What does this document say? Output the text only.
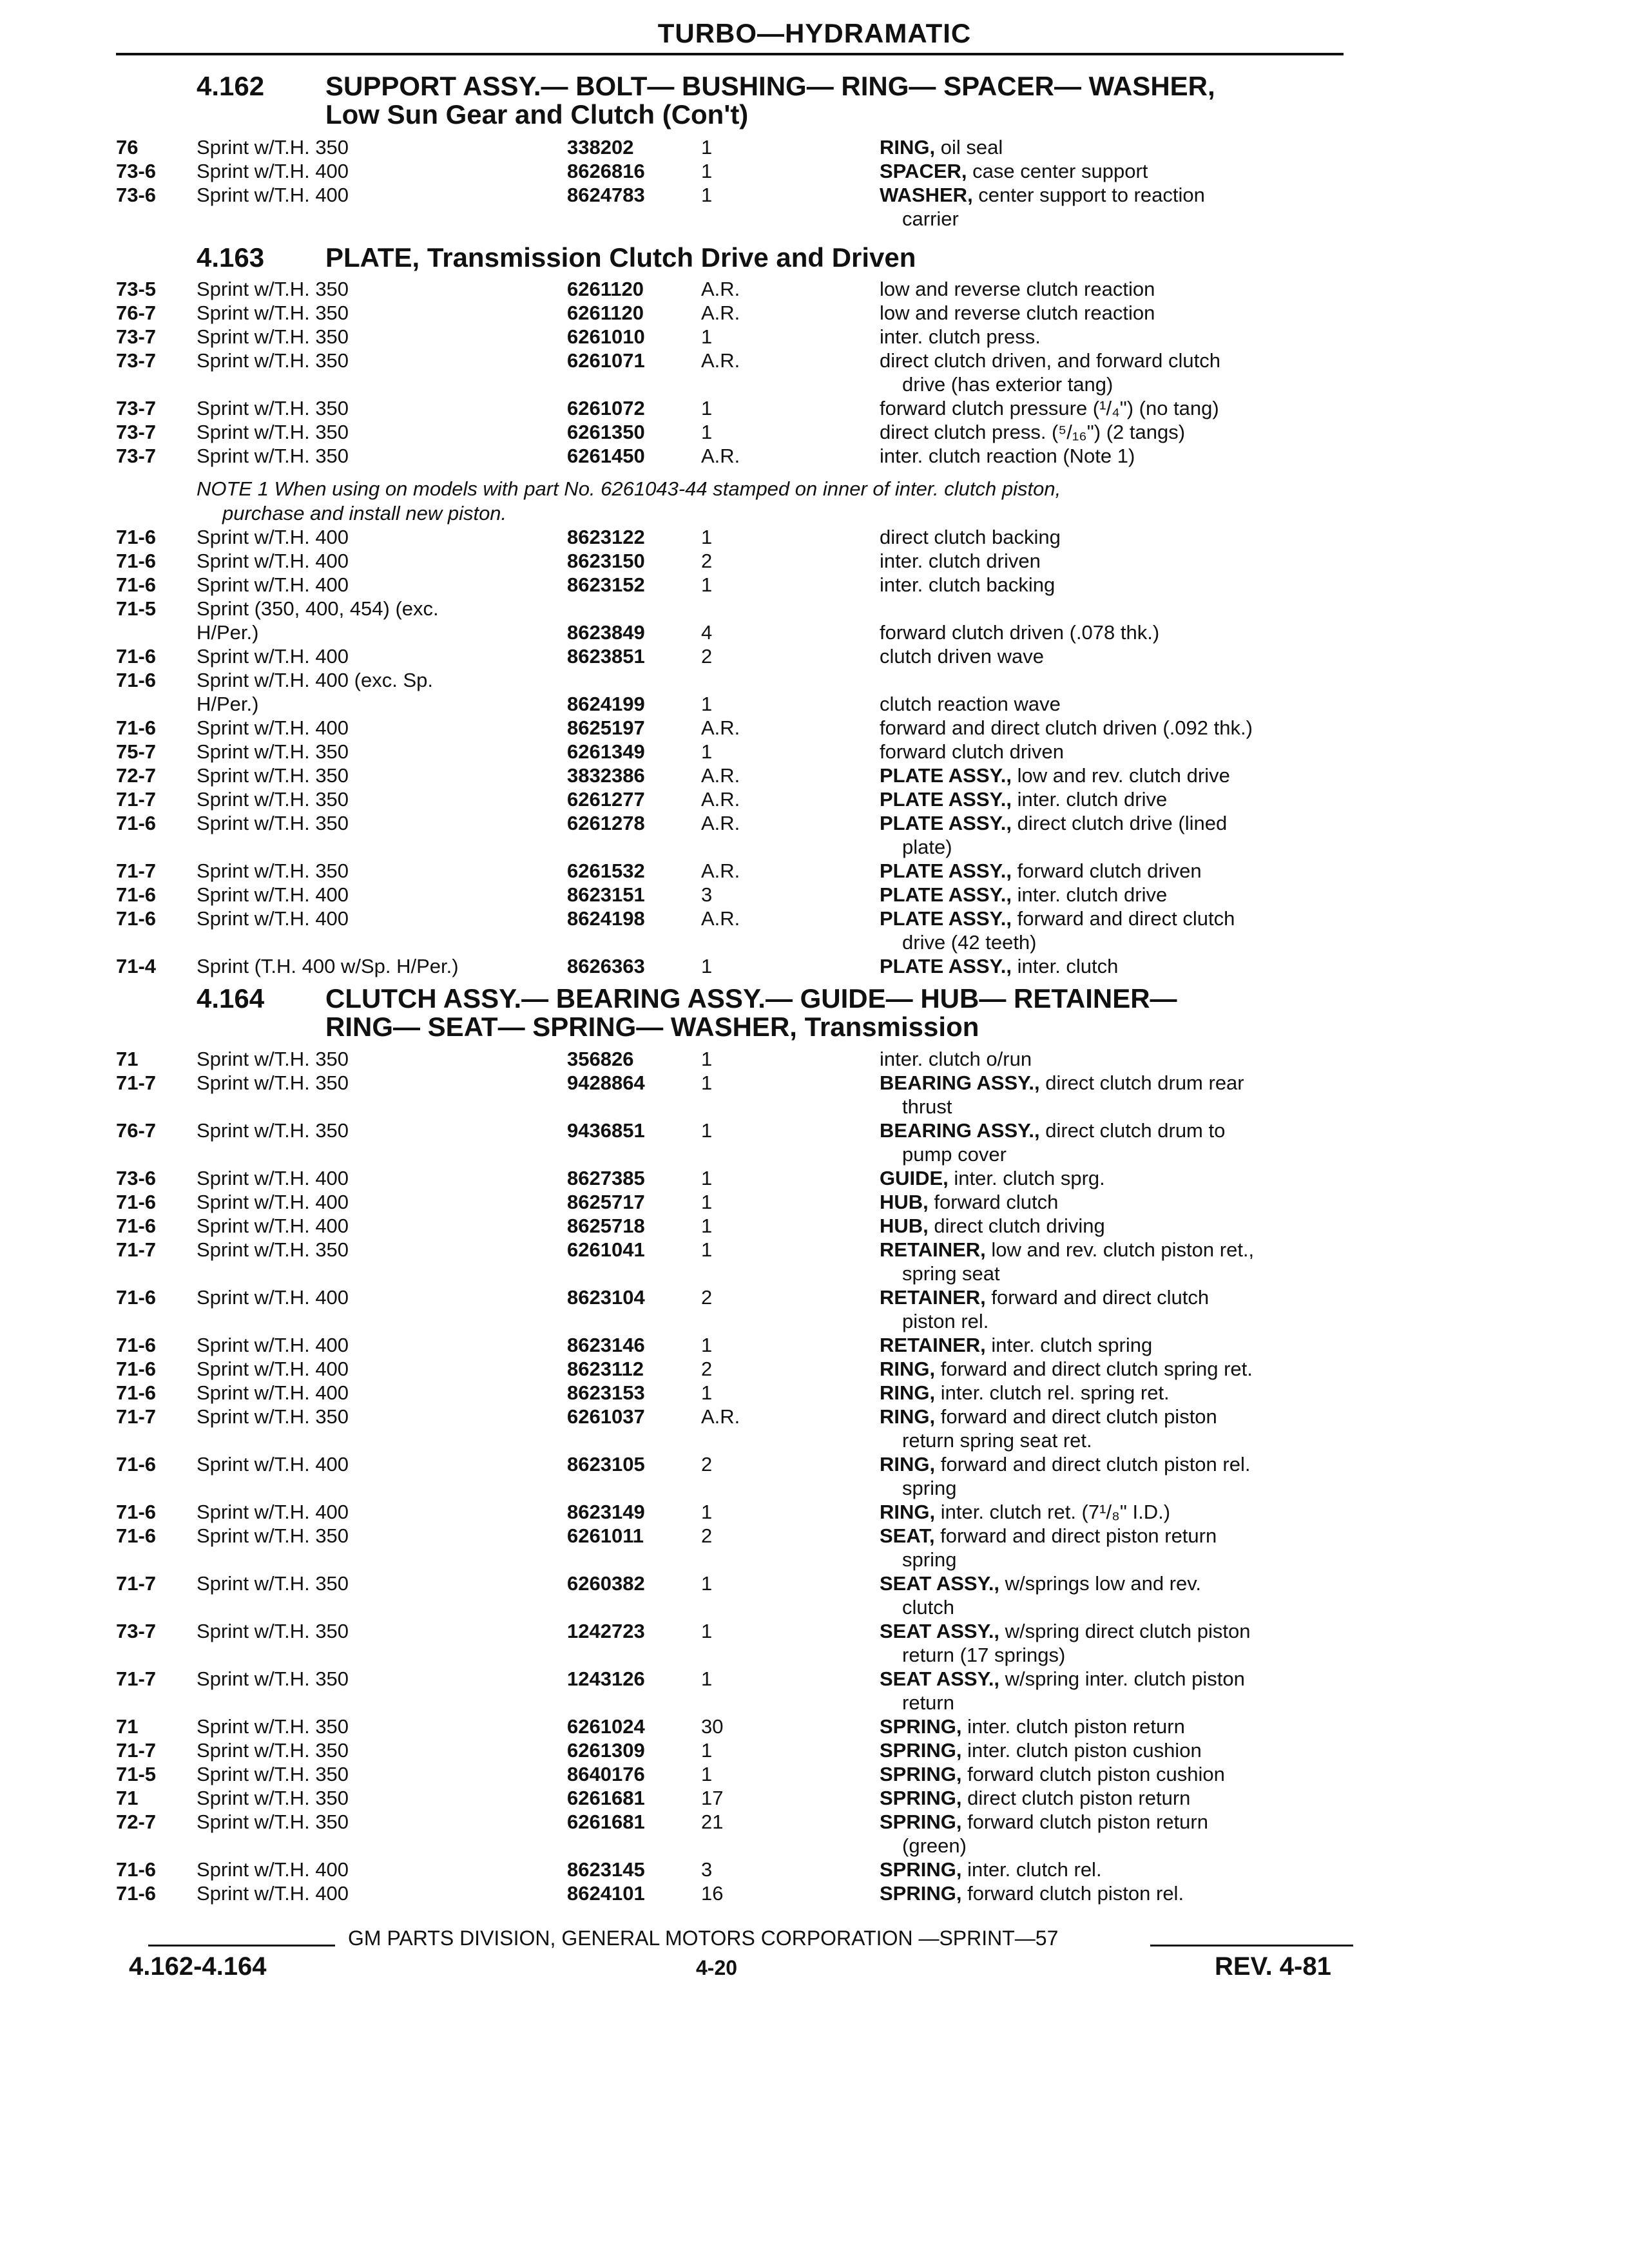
TURBO—HYDRAMATIC
4.162 SUPPORT ASSY.— BOLT— BUSHING— RING— SPACER— WASHER,
Low Sun Gear and Clutch (Con't)
4.163 PLATE, Transmission Clutch Drive and Driven
4.164 CLUTCH ASSY.— BEARING ASSY.— GUIDE— HUB— RETAINER—
RING— SEAT— SPRING— WASHER, Transmission
76	Sprint w/T.H. 350	338202	1	RING, oil seal
73-6 Sprint w/T.H. 400	8626816	1	SPACER, case center support
73-6 Sprint w/T.H. 400	8624783	1	WASHER, center support to reaction
carrier
73-5 Sprint w/T.H. 350	6261120	A.R.	low and reverse clutch reaction
76-7 Sprint w/T.H. 350	6261120	A.R.	low and reverse clutch reaction
73-7 Sprint w/T.H. 350	6261010	1	inter. clutch press.
73-7 Sprint w/T.H. 350	6261071	A.R.	direct clutch driven, and forward clutch
drive (has exterior tang)
73-7 Sprint w/T.H. 350	6261072	1	forward clutch pressure (¹/₄") (no tang)
73-7 Sprint w/T.H. 350	6261350	1	direct clutch press. (⁵/₁₆") (2 tangs)
73-7 Sprint w/T.H. 350	6261450	A.R.	inter. clutch reaction (Note 1)
71-6 Sprint w/T.H. 400	8623122	1	direct clutch backing
71-6 Sprint w/T.H. 400	8623150	2	inter. clutch driven
71-6 Sprint w/T.H. 400	8623152	1	inter. clutch backing
71-5 Sprint (350, 400, 454) (exc.
H/Per.)	8623849	4	forward clutch driven (.078 thk.)
71-6 Sprint w/T.H. 400	8623851	2	clutch driven wave
71-6 Sprint w/T.H. 400 (exc. Sp.
H/Per.)	8624199	1	clutch reaction wave
71-6 Sprint w/T.H. 400	8625197	A.R.	forward and direct clutch driven (.092 thk.)
75-7 Sprint w/T.H. 350	6261349	1	forward clutch driven
72-7 Sprint w/T.H. 350	3832386	A.R.	PLATE ASSY., low and rev. clutch drive
71-7 Sprint w/T.H. 350	6261277	A.R.	PLATE ASSY., inter. clutch drive
71-6 Sprint w/T.H. 350	6261278	A.R.	PLATE ASSY., direct clutch drive (lined
plate)
71-7 Sprint w/T.H. 350	6261532	A.R.	PLATE ASSY., forward clutch driven
71-6 Sprint w/T.H. 400	8623151	3	PLATE ASSY., inter. clutch drive
71-6 Sprint w/T.H. 400	8624198	A.R.	PLATE ASSY., forward and direct clutch
drive (42 teeth)
71-4 Sprint (T.H. 400 w/Sp. H/Per.)	8626363	1	PLATE ASSY., inter. clutch
71	Sprint w/T.H. 350	356826	1	inter. clutch o/run
71-7 Sprint w/T.H. 350	9428864	1	BEARING ASSY., direct clutch drum rear
thrust
76-7 Sprint w/T.H. 350	9436851	1	BEARING ASSY., direct clutch drum to
pump cover
73-6 Sprint w/T.H. 400	8627385	1	GUIDE, inter. clutch sprg.
71-6 Sprint w/T.H. 400	8625717	1	HUB, forward clutch
71-6 Sprint w/T.H. 400	8625718	1	HUB, direct clutch driving
71-7 Sprint w/T.H. 350	6261041	1	RETAINER, low and rev. clutch piston ret.,
spring seat
71-6 Sprint w/T.H. 400	8623104	2	RETAINER, forward and direct clutch
piston rel.
71-6 Sprint w/T.H. 400	8623146	1	RETAINER, inter. clutch spring
71-6 Sprint w/T.H. 400	8623112	2	RING, forward and direct clutch spring ret.
71-6 Sprint w/T.H. 400	8623153	1	RING, inter. clutch rel. spring ret.
71-7 Sprint w/T.H. 350	6261037	A.R.	RING, forward and direct clutch piston
return spring seat ret.
71-6 Sprint w/T.H. 400	8623105	2	RING, forward and direct clutch piston rel.
spring
71-6 Sprint w/T.H. 400	8623149	1	RING, inter. clutch ret. (7¹/₈" I.D.)
71-6 Sprint w/T.H. 350	6261011	2	SEAT, forward and direct piston return
spring
71-7 Sprint w/T.H. 350	6260382	1	SEAT ASSY., w/springs low and rev.
clutch
73-7 Sprint w/T.H. 350	1242723	1	SEAT ASSY., w/spring direct clutch piston
return (17 springs)
71-7 Sprint w/T.H. 350	1243126	1	SEAT ASSY., w/spring inter. clutch piston
return
71	Sprint w/T.H. 350	6261024	30	SPRING, inter. clutch piston return
71-7 Sprint w/T.H. 350	6261309	1	SPRING, inter. clutch piston cushion
71-5 Sprint w/T.H. 350	8640176	1	SPRING, forward clutch piston cushion
71	Sprint w/T.H. 350	6261681	17	SPRING, direct clutch piston return
72-7 Sprint w/T.H. 350	6261681	21	SPRING, forward clutch piston return
(green)
71-6 Sprint w/T.H. 400	8623145	3	SPRING, inter. clutch rel.
71-6 Sprint w/T.H. 400	8624101	16	SPRING, forward clutch piston rel.
NOTE 1 When using on models with part No. 6261043-44 stamped on inner of inter. clutch piston,
purchase and install new piston.
GM PARTS DIVISION, GENERAL MOTORS CORPORATION —SPRINT—57
4.162-4.164	4-20	REV. 4-81
